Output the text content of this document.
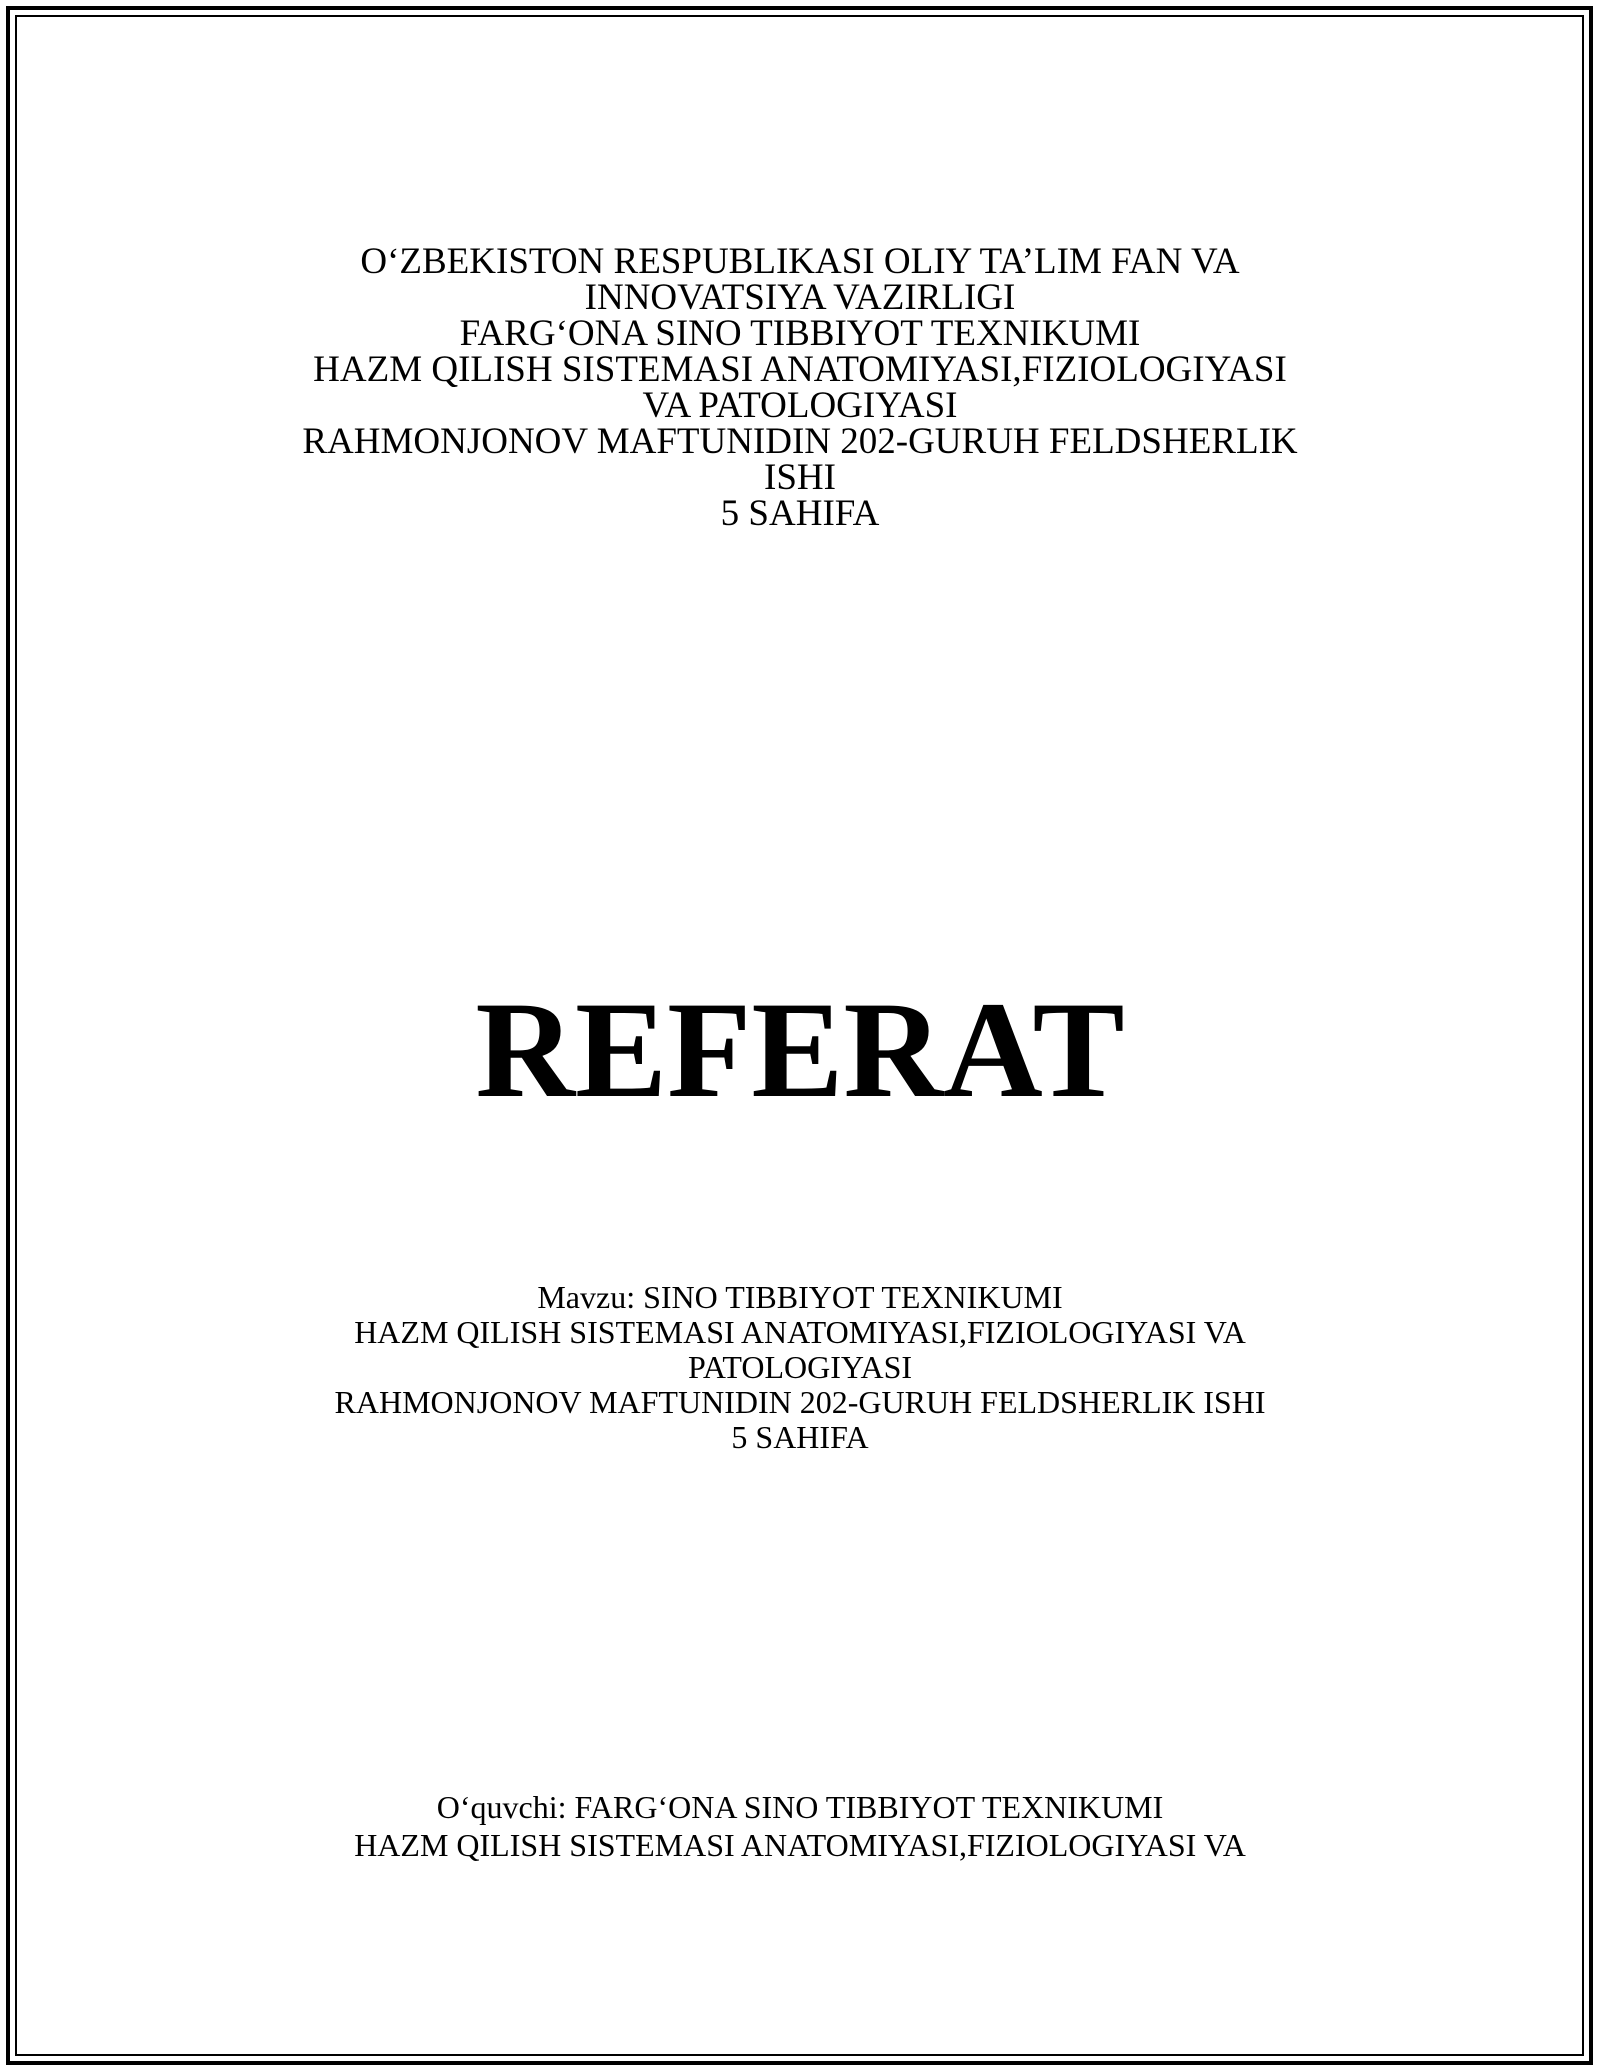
O‘ZBEKISTON RESPUBLIKASI OLIY TA’LIM FAN VA
INNOVATSIYA VAZIRLIGI
FARG‘ONA SINO TIBBIYOT TEXNIKUMI
HAZM QILISH SISTEMASI ANATOMIYASI,FIZIOLOGIYASI
VA PATOLOGIYASI
RAHMONJONOV MAFTUNIDIN 202-GURUH FELDSHERLIK
ISHI
5 SAHIFA
REFERAT
Mavzu: SINO TIBBIYOT TEXNIKUMI
HAZM QILISH SISTEMASI ANATOMIYASI,FIZIOLOGIYASI VA
PATOLOGIYASI
RAHMONJONOV MAFTUNIDIN 202-GURUH FELDSHERLIK ISHI
5 SAHIFA
O‘quvchi: FARG‘ONA SINO TIBBIYOT TEXNIKUMI
HAZM QILISH SISTEMASI ANATOMIYASI,FIZIOLOGIYASI VA
